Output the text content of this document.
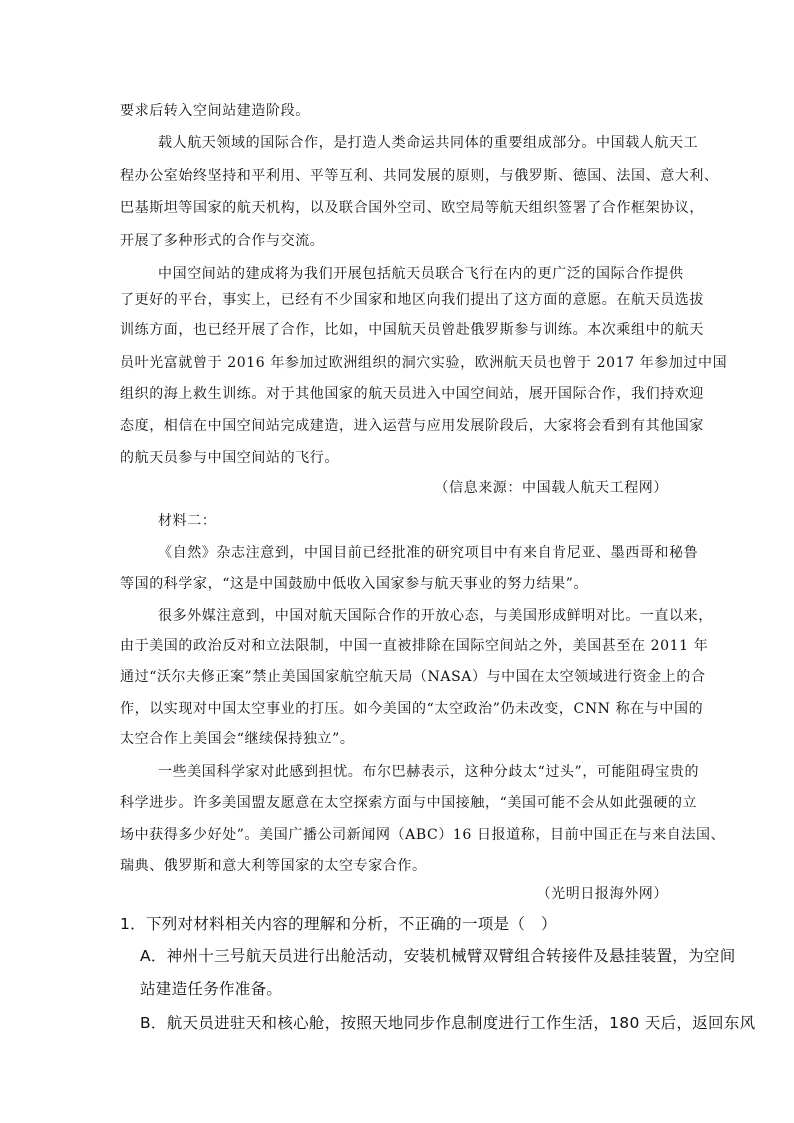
要求后转入空间站建造阶段。
载人航天领域的国际合作，是打造人类命运共同体的重要组成部分。中国载人航天工
程办公室始终坚持和平利用、平等互利、共同发展的原则，与俄罗斯、德国、法国、意大利、
巴基斯坦等国家的航天机构，以及联合国外空司、欧空局等航天组织签署了合作框架协议，
开展了多种形式的合作与交流。
中国空间站的建成将为我们开展包括航天员联合飞行在内的更广泛的国际合作提供
了更好的平台，事实上，已经有不少国家和地区向我们提出了这方面的意愿。在航天员选拔
训练方面，也已经开展了合作，比如，中国航天员曾赴俄罗斯参与训练。本次乘组中的航天
员叶光富就曾于 2016 年参加过欧洲组织的洞穴实验，欧洲航天员也曾于 2017 年参加过中国
组织的海上救生训练。对于其他国家的航天员进入中国空间站，展开国际合作，我们持欢迎
态度，相信在中国空间站完成建造，进入运营与应用发展阶段后，大家将会看到有其他国家
的航天员参与中国空间站的飞行。
（信息来源：中国载人航天工程网）
材料二：
《自然》杂志注意到，中国目前已经批准的研究项目中有来自肯尼亚、墨西哥和秘鲁
等国的科学家，“这是中国鼓励中低收入国家参与航天事业的努力结果”。
很多外媒注意到，中国对航天国际合作的开放心态，与美国形成鲜明对比。一直以来，
由于美国的政治反对和立法限制，中国一直被排除在国际空间站之外，美国甚至在 2011 年
通过“沃尔夫修正案”禁止美国国家航空航天局（NASA）与中国在太空领域进行资金上的合
作，以实现对中国太空事业的打压。如今美国的“太空政治”仍未改变，CNN 称在与中国的
太空合作上美国会“继续保持独立”。
一些美国科学家对此感到担忧。布尔巴赫表示，这种分歧太“过头”，可能阻碍宝贵的
科学进步。许多美国盟友愿意在太空探索方面与中国接触，“美国可能不会从如此强硬的立
场中获得多少好处”。美国广播公司新闻网（ABC）16 日报道称，目前中国正在与来自法国、
瑞典、俄罗斯和意大利等国家的太空专家合作。
（光明日报海外网）
1．下列对材料相关内容的理解和分析，不正确的一项是（　）
A．神州十三号航天员进行出舱活动，安装机械臂双臂组合转接件及悬挂装置，为空间
站建造任务作准备。
B．航天员进驻天和核心舱，按照天地同步作息制度进行工作生活，180 天后，返回东风
